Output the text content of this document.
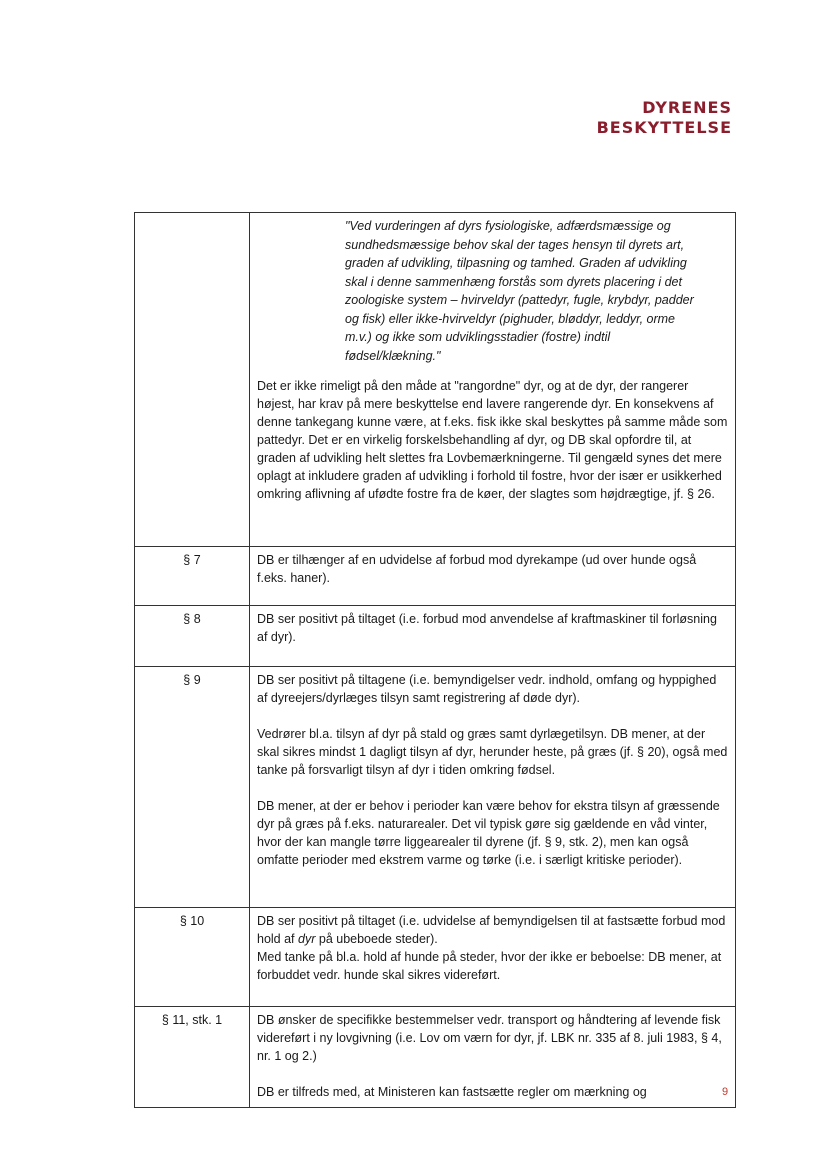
DYRENES
BESKYTTELSE

	"Ved vurderingen af dyrs fysiologiske, adfærdsmæssige og sundhedsmæssige behov skal der tages hensyn til dyrets art, graden af udvikling, tilpasning og tamhed. Graden af udvikling skal i denne sammenhæng forstås som dyrets placering i det zoologiske system – hvirveldyr (pattedyr, fugle, krybdyr, padder og fisk) eller ikke-hvirveldyr (pighuder, bløddyr, leddyr, orme m.v.) og ikke som udviklingsstadier (fostre) indtil fødsel/klækning."

Det er ikke rimeligt på den måde at "rangordne" dyr, og at de dyr, der rangerer højest, har krav på mere beskyttelse end lavere rangerende dyr. En konsekvens af denne tankegang kunne være, at f.eks. fisk ikke skal beskyttes på samme måde som pattedyr. Det er en virkelig forskelsbehandling af dyr, og DB skal opfordre til, at graden af udvikling helt slettes fra Lovbemærkningerne. Til gengæld synes det mere oplagt at inkludere graden af udvikling i forhold til fostre, hvor der især er usikkerhed omkring aflivning af ufødte fostre fra de køer, der slagtes som højdrægtige, jf. § 26.

§ 7	DB er tilhænger af en udvidelse af forbud mod dyrekampe (ud over hunde også f.eks. haner).

§ 8	DB ser positivt på tiltaget (i.e. forbud mod anvendelse af kraftmaskiner til forløsning af dyr).

§ 9	DB ser positivt på tiltagene (i.e. bemyndigelser vedr. indhold, omfang og hyppighed af dyreejers/dyrlæges tilsyn samt registrering af døde dyr).

Vedrører bl.a. tilsyn af dyr på stald og græs samt dyrlægetilsyn. DB mener, at der skal sikres mindst 1 dagligt tilsyn af dyr, herunder heste, på græs (jf. § 20), også med tanke på forsvarligt tilsyn af dyr i tiden omkring fødsel.

DB mener, at der er behov i perioder kan være behov for ekstra tilsyn af græssende dyr på græs på f.eks. naturarealer. Det vil typisk gøre sig gældende en våd vinter, hvor der kan mangle tørre liggearealer til dyrene (jf. § 9, stk. 2), men kan også omfatte perioder med ekstrem varme og tørke (i.e. i særligt kritiske perioder).

§ 10	DB ser positivt på tiltaget (i.e. udvidelse af bemyndigelsen til at fastsætte forbud mod hold af dyr på ubeboede steder).

Med tanke på bl.a. hold af hunde på steder, hvor der ikke er beboelse: DB mener, at forbuddet vedr. hunde skal sikres videreført.

§ 11, stk. 1	DB ønsker de specifikke bestemmelser vedr. transport og håndtering af levende fisk videreført i ny lovgivning (i.e. Lov om værn for dyr, jf. LBK nr. 335 af 8. juli 1983, § 4, nr. 1 og 2.)

DB er tilfreds med, at Ministeren kan fastsætte regler om mærkning og	9
